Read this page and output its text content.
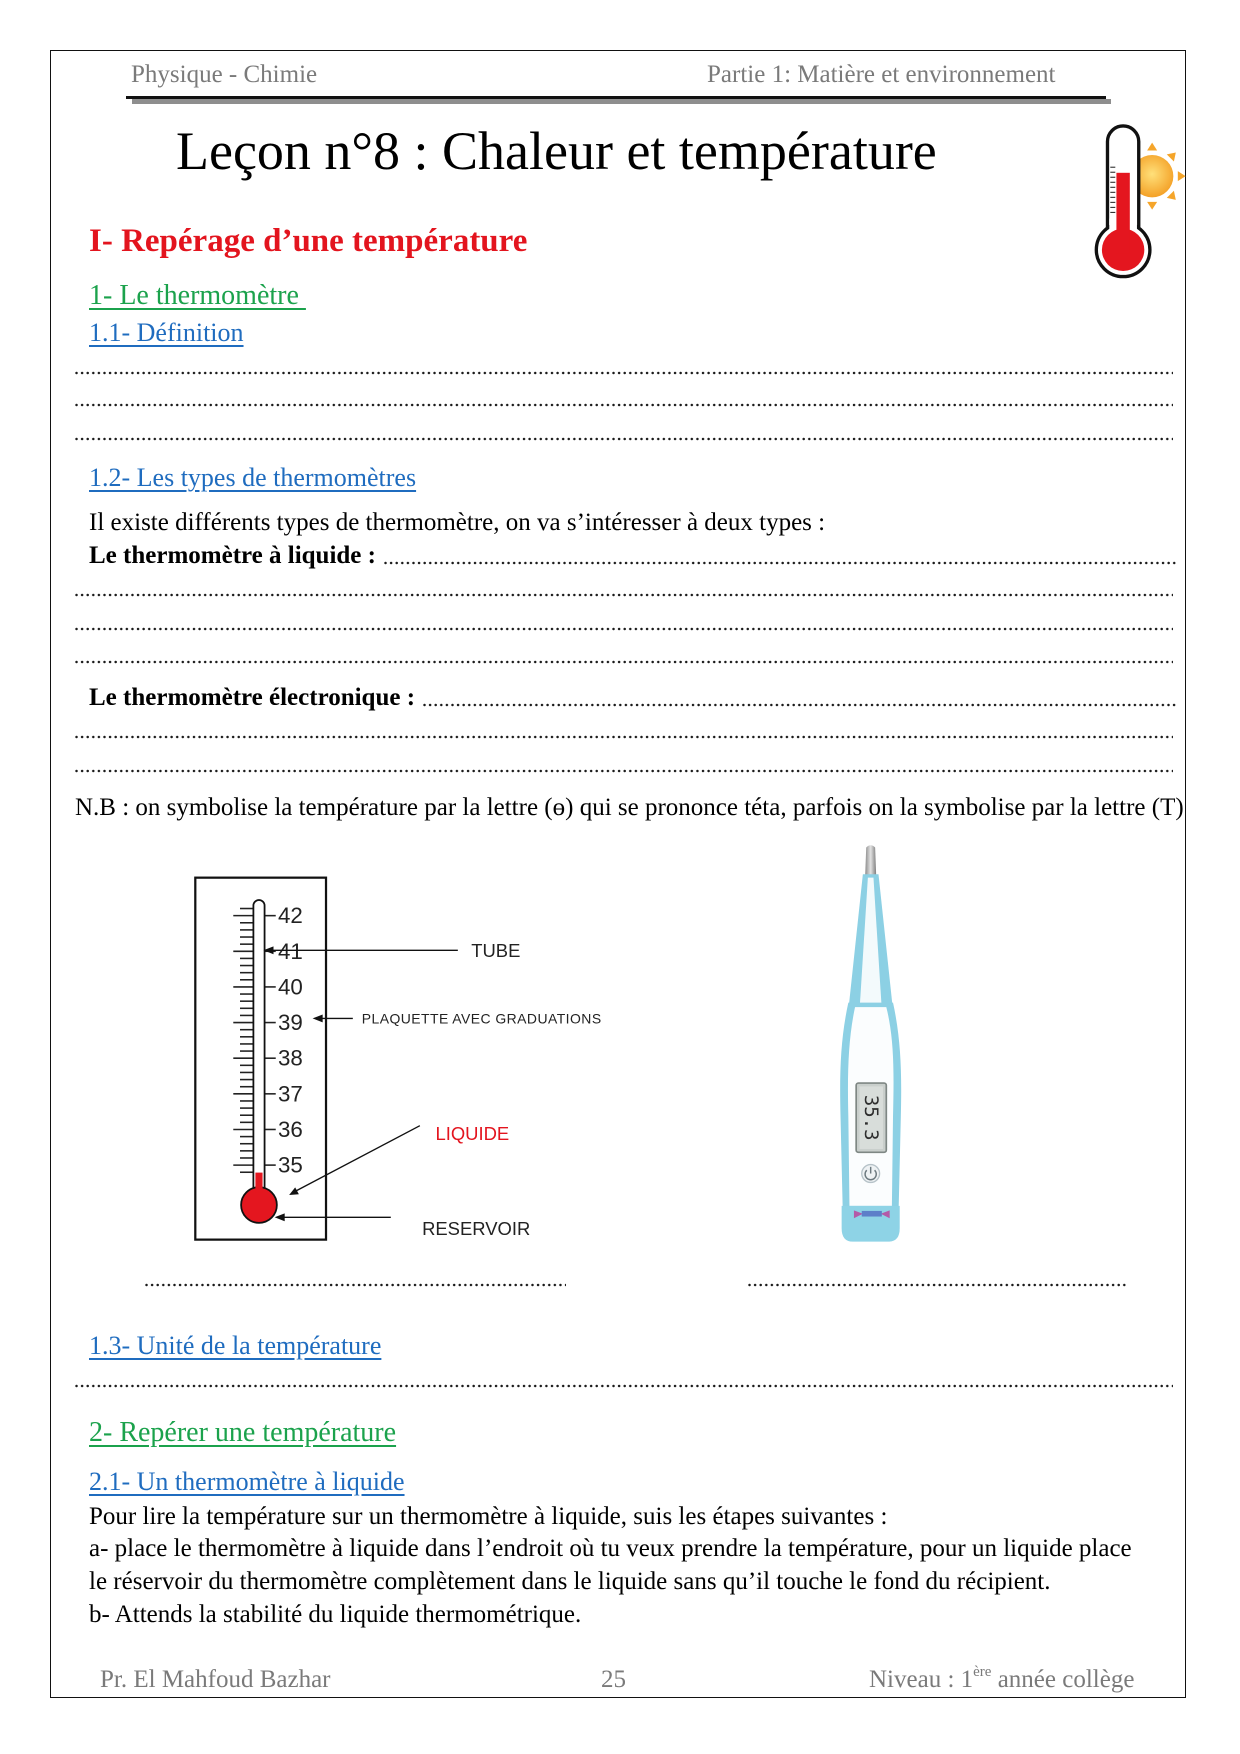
Physique - Chimie	Partie 1: Matière et environnement
Leçon n°8 : Chaleur et température
I- Repérage d’une température
1- Le thermomètre
1.1- Définition
1.2- Les types de thermomètres
Il existe différents types de thermomètre, on va s’intéresser à deux types :
Le thermomètre à liquide :
Le thermomètre électronique :
N.B : on symbolise la température par la lettre (ɵ) qui se prononce téta, parfois on la symbolise par la lettre (T)
42
41
40
39
38
37
36
35
TUBE
PLAQUETTE AVEC GRADUATIONS
LIQUIDE
RESERVOIR
35.3
1.3- Unité de la température
2- Repérer une température
2.1- Un thermomètre à liquide
Pour lire la température sur un thermomètre à liquide, suis les étapes suivantes :
a- place le thermomètre à liquide dans l’endroit où tu veux prendre la température, pour un liquide place
le réservoir du thermomètre complètement dans le liquide sans qu’il touche le fond du récipient.
b- Attends la stabilité du liquide thermométrique.
Pr. El Mahfoud Bazhar	25	Niveau : 1ère année collège
